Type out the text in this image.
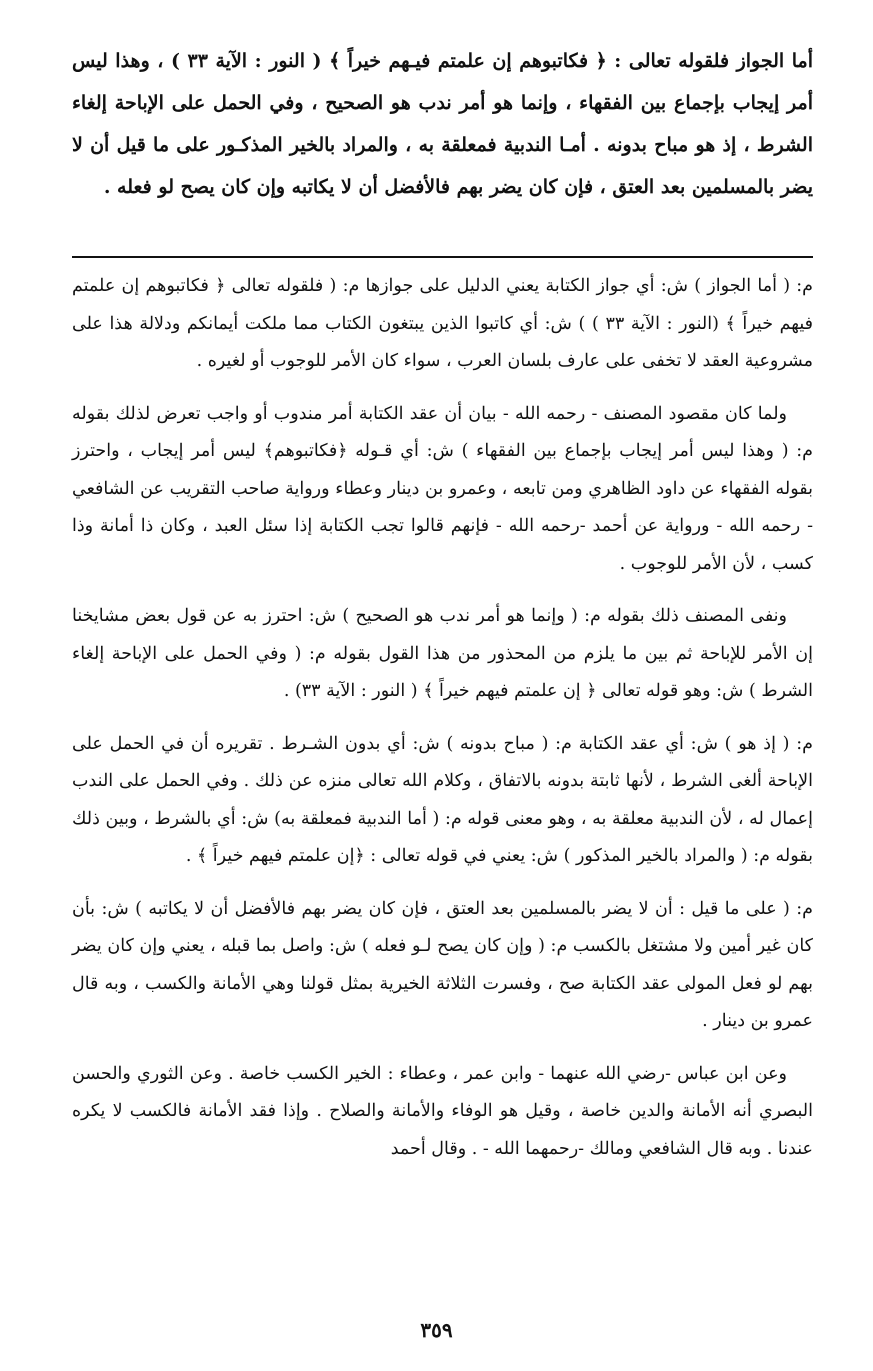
أما الجواز فلقوله تعالى : ﴿ فكاتبوهم إن علمتم فيـهم خيراً ﴾ ( النور : الآية ٣٣ ) ، وهذا ليس أمر إيجاب بإجماع بين الفقهاء ، وإنما هو أمر ندب هو الصحيح ، وفي الحمل على الإباحة إلغاء الشرط ، إذ هو مباح بدونه . أمـا الندبية فمعلقة به ، والمراد بالخير المذكـور على ما قيل أن لا يضر بالمسلمين بعد العتق ، فإن كان يضر بهم فالأفضل أن لا يكاتبه وإن كان يصح لو فعله .

م: ( أما الجواز ) ش: أي جواز الكتابة يعني الدليل على جوازها م: ( فلقوله تعالى ﴿ فكاتبوهم إن علمتم فيهم خيراً ﴾ (النور : الآية ٣٣ ) ) ش: أي كاتبوا الذين يبتغون الكتاب مما ملكت أيمانكم ودلالة هذا على مشروعية العقد لا تخفى على عارف بلسان العرب ، سواء كان الأمر للوجوب أو لغيره .

ولما كان مقصود المصنف - رحمه الله - بيان أن عقد الكتابة أمر مندوب أو واجب تعرض لذلك بقوله م: ( وهذا ليس أمر إيجاب بإجماع بين الفقهاء ) ش: أي قـوله ﴿فكاتبوهم﴾ ليس أمر إيجاب ، واحترز بقوله الفقهاء عن داود الظاهري ومن تابعه ، وعمرو بن دينار وعطاء ورواية صاحب التقريب عن الشافعي - رحمه الله - ورواية عن أحمد -رحمه الله - فإنهم قالوا تجب الكتابة إذا سئل العبد ، وكان ذا أمانة وذا كسب ، لأن الأمر للوجوب .

ونفى المصنف ذلك بقوله م: ( وإنما هو أمر ندب هو الصحيح ) ش: احترز به عن قول بعض مشايخنا إن الأمر للإباحة ثم بين ما يلزم من المحذور من هذا القول بقوله م: ( وفي الحمل على الإباحة إلغاء الشرط ) ش: وهو قوله تعالى ﴿ إن علمتم فيهم خيراً ﴾ ( النور : الآية ٣٣) .

م: ( إذ هو ) ش: أي عقد الكتابة م: ( مباح بدونه ) ش: أي بدون الشـرط . تقريره أن في الحمل على الإباحة ألغى الشرط ، لأنها ثابتة بدونه بالاتفاق ، وكلام الله تعالى منزه عن ذلك . وفي الحمل على الندب إعمال له ، لأن الندبية معلقة به ، وهو معنى قوله م: ( أما الندبية فمعلقة به) ش: أي بالشرط ، وبين ذلك بقوله م: ( والمراد بالخير المذكور ) ش: يعني في قوله تعالى : ﴿إن علمتم فيهم خيراً ﴾ .

م: ( على ما قيل : أن لا يضر بالمسلمين بعد العتق ، فإن كان يضر بهم فالأفضل أن لا يكاتبه ) ش: بأن كان غير أمين ولا مشتغل بالكسب م: ( وإن كان يصح لـو فعله ) ش: واصل بما قبله ، يعني وإن كان يضر بهم لو فعل المولى عقد الكتابة صح ، وفسرت الثلاثة الخيرية بمثل قولنا وهي الأمانة والكسب ، وبه قال عمرو بن دينار .

وعن ابن عباس -رضي الله عنهما - وابن عمر ، وعطاء : الخير الكسب خاصة . وعن الثوري والحسن البصري أنه الأمانة والدين خاصة ، وقيل هو الوفاء والأمانة والصلاح . وإذا فقد الأمانة فالكسب لا يكره عندنا . وبه قال الشافعي ومالك -رحمهما الله - . وقال أحمد

٣٥٩
